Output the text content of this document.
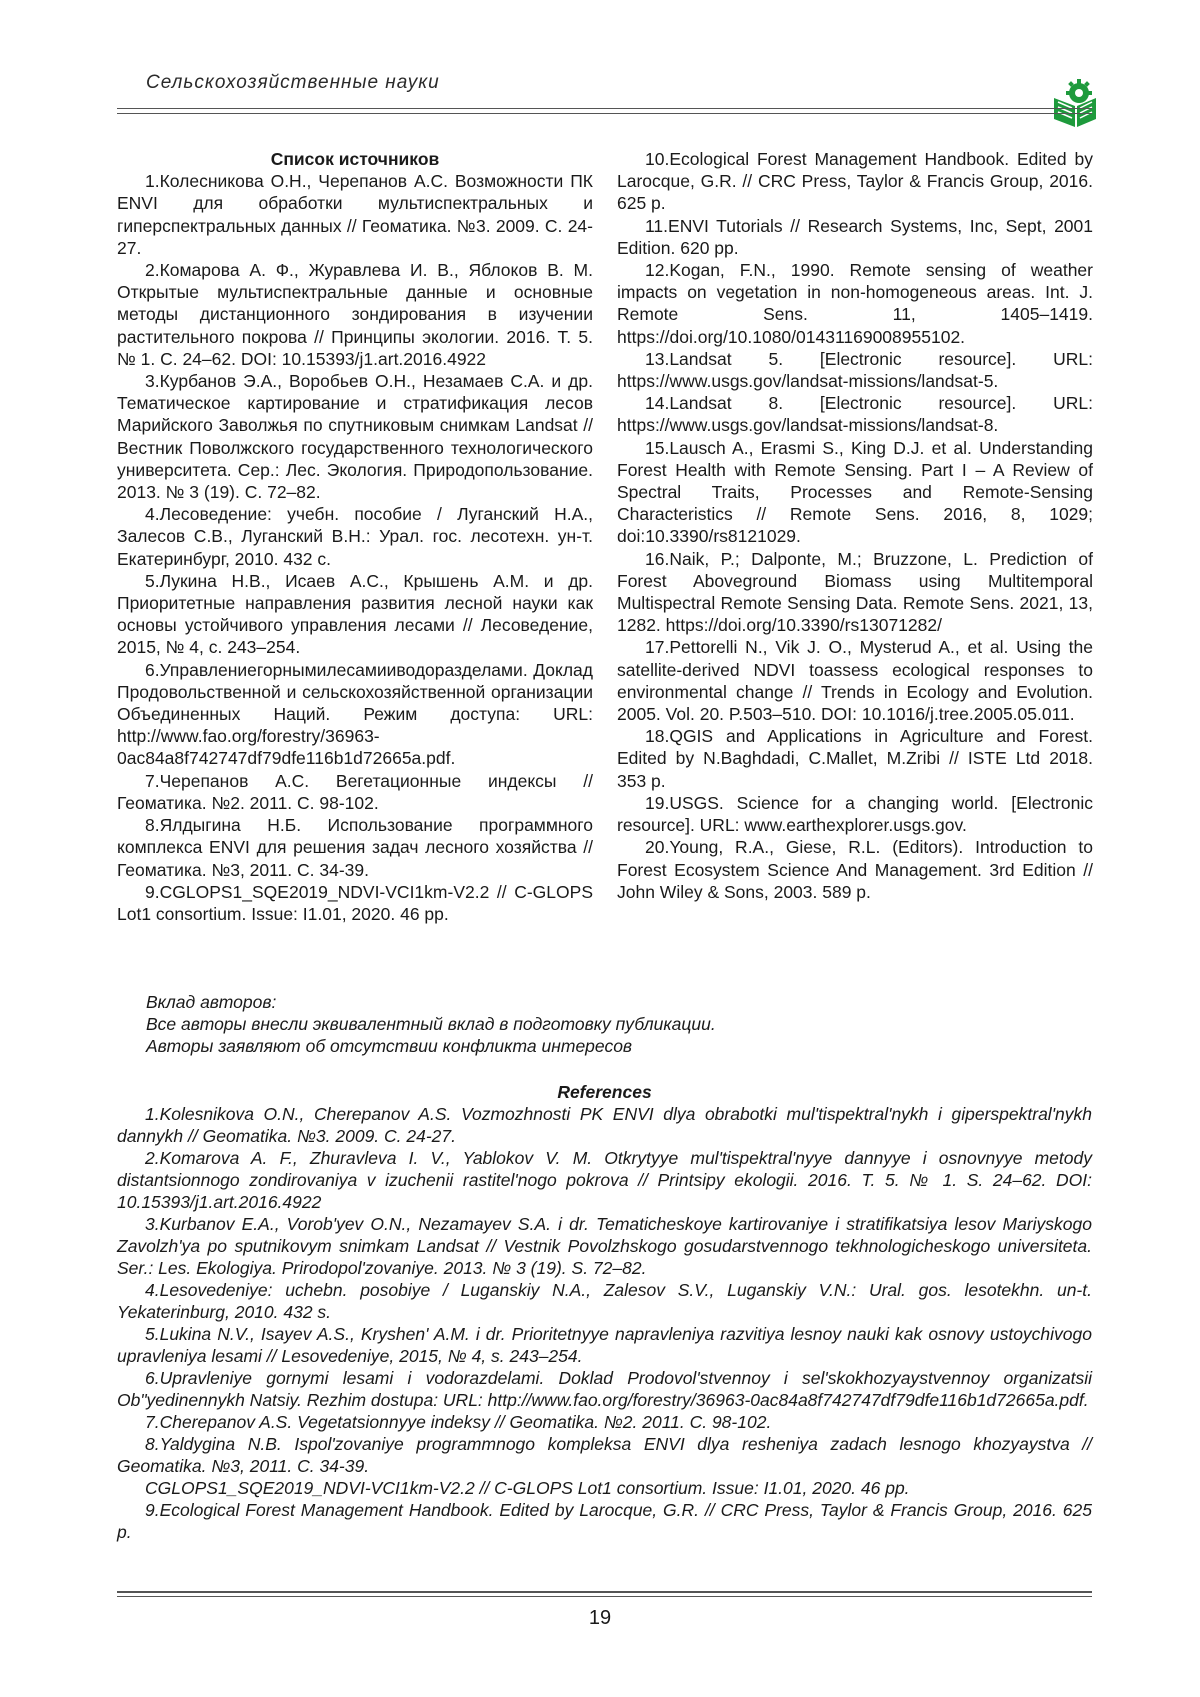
Сельскохозяйственные науки

Список источников

1.Колесникова О.Н., Черепанов А.С. Возможности ПК ENVI для обработки мультиспектральных и гиперспектральных данных // Геоматика. №3. 2009. С. 24-27.

2.Комарова А. Ф., Журавлева И. В., Яблоков В. М. Открытые мультиспектральные данные и основные методы дистанционного зондирования в изучении растительного покрова // Принципы экологии. 2016. Т. 5. № 1. С. 24–62. DOI: 10.15393/j1.art.2016.4922

3.Курбанов Э.А., Воробьев О.Н., Незамаев С.А. и др. Тематическое картирование и стратификация лесов Марийского Заволжья по спутниковым снимкам Landsat // Вестник Поволжского государственного технологического университета. Сер.: Лес. Экология. Природопользование. 2013. № 3 (19). С. 72–82.

4.Лесоведение: учебн. пособие / Луганский Н.А., Залесов С.В., Луганский В.Н.: Урал. гос. лесотехн. ун-т. Екатеринбург, 2010. 432 с.

5.Лукина Н.В., Исаев А.С., Крышень А.М. и др. Приоритетные направления развития лесной науки как основы устойчивого управления лесами // Лесоведение, 2015, № 4, с. 243–254.

6.Управлениегорнымилесамииводоразделами. Доклад Продовольственной и сельскохозяйственной организации Объединенных Наций. Режим доступа: URL: http://www.fao.org/forestry/36963-0ac84a8f742747df79dfe116b1d72665a.pdf.

7.Черепанов А.С. Вегетационные индексы // Геоматика. №2. 2011. С. 98-102.

8.Ялдыгина Н.Б. Использование программного комплекса ENVI для решения задач лесного хозяйства // Геоматика. №3, 2011. С. 34-39.

9.CGLOPS1_SQE2019_NDVI-VCI1km-V2.2 // C-GLOPS Lot1 consortium. Issue: I1.01, 2020. 46 pp.

10.Ecological Forest Management Handbook. Edited by Larocque, G.R. // CRC Press, Taylor & Francis Group, 2016. 625 p.

11.ENVI Tutorials // Research Systems, Inc, Sept, 2001 Edition. 620 pp.

12.Kogan, F.N., 1990. Remote sensing of weather impacts on vegetation in non-homogeneous areas. Int. J. Remote Sens. 11, 1405–1419. https://doi.org/10.1080/01431169008955102.

13.Landsat 5. [Electronic resource]. URL: https://www.usgs.gov/landsat-missions/landsat-5.

14.Landsat 8. [Electronic resource]. URL: https://www.usgs.gov/landsat-missions/landsat-8.

15.Lausch A., Erasmi S., King D.J. et al. Understanding Forest Health with Remote Sensing. Part I – A Review of Spectral Traits, Processes and Remote-Sensing Characteristics // Remote Sens. 2016, 8, 1029; doi:10.3390/rs8121029.

16.Naik, P.; Dalponte, M.; Bruzzone, L. Prediction of Forest Aboveground Biomass using Multitemporal Multispectral Remote Sensing Data. Remote Sens. 2021, 13, 1282. https://doi.org/10.3390/rs13071282/

17.Pettorelli N., Vik J. O., Mysterud A., et al. Using the satellite-derived NDVI toassess ecological responses to environmental change // Trends in Ecology and Evolution. 2005. Vol. 20. P.503–510. DOI: 10.1016/j.tree.2005.05.011.

18.QGIS and Applications in Agriculture and Forest. Edited by N.Baghdadi, C.Mallet, M.Zribi // ISTE Ltd 2018. 353 p.

19.USGS. Science for a changing world. [Electronic resource]. URL: www.earthexplorer.usgs.gov.

20.Young, R.A., Giese, R.L. (Editors). Introduction to Forest Ecosystem Science And Management. 3rd Edition // John Wiley & Sons, 2003. 589 p.

Вклад авторов:

Все авторы внесли эквивалентный вклад в подготовку публикации.

Авторы заявляют об отсутствии конфликта интересов

References

1.Kolesnikova O.N., Cherepanov A.S. Vozmozhnosti PK ENVI dlya obrabotki mul'tispektral'nykh i giperspektral'nykh dannykh // Geomatika. №3. 2009. C. 24-27.

2.Komarova A. F., Zhuravleva I. V., Yablokov V. M. Otkrytyye mul'tispektral'nyye dannyye i osnovnyye metody distantsionnogo zondirovaniya v izuchenii rastitel'nogo pokrova // Printsipy ekologii. 2016. T. 5. № 1. S. 24–62. DOI: 10.15393/j1.art.2016.4922

3.Kurbanov E.A., Vorob'yev O.N., Nezamayev S.A. i dr. Tematicheskoye kartirovaniye i stratifikatsiya lesov Mariyskogo Zavolzh'ya po sputnikovym snimkam Landsat // Vestnik Povolzhskogo gosudarstvennogo tekhnologicheskogo universiteta. Ser.: Les. Ekologiya. Prirodopol'zovaniye. 2013. № 3 (19). S. 72–82.

4.Lesovedeniye: uchebn. posobiye / Luganskiy N.A., Zalesov S.V., Luganskiy V.N.: Ural. gos. lesotekhn. un-t. Yekaterinburg, 2010. 432 s.

5.Lukina N.V., Isayev A.S., Kryshen' A.M. i dr. Prioritetnyye napravleniya razvitiya lesnoy nauki kak osnovy ustoychivogo upravleniya lesami // Lesovedeniye, 2015, № 4, s. 243–254.

6.Upravleniye gornymi lesami i vodorazdelami. Doklad Prodovol'stvennoy i sel'skokhozyaystvennoy organizatsii Ob"yedinennykh Natsiy. Rezhim dostupa: URL: http://www.fao.org/forestry/36963-0ac84a8f742747df79dfe116b1d72665a.pdf.

7.Cherepanov A.S. Vegetatsionnyye indeksy // Geomatika. №2. 2011. C. 98-102.

8.Yaldygina N.B. Ispol'zovaniye programmnogo kompleksa ENVI dlya resheniya zadach lesnogo khozyaystva // Geomatika. №3, 2011. C. 34-39.

CGLOPS1_SQE2019_NDVI-VCI1km-V2.2 // C-GLOPS Lot1 consortium. Issue: I1.01, 2020. 46 pp.

9.Ecological Forest Management Handbook. Edited by Larocque, G.R. // CRC Press, Taylor & Francis Group, 2016. 625 p.

19
